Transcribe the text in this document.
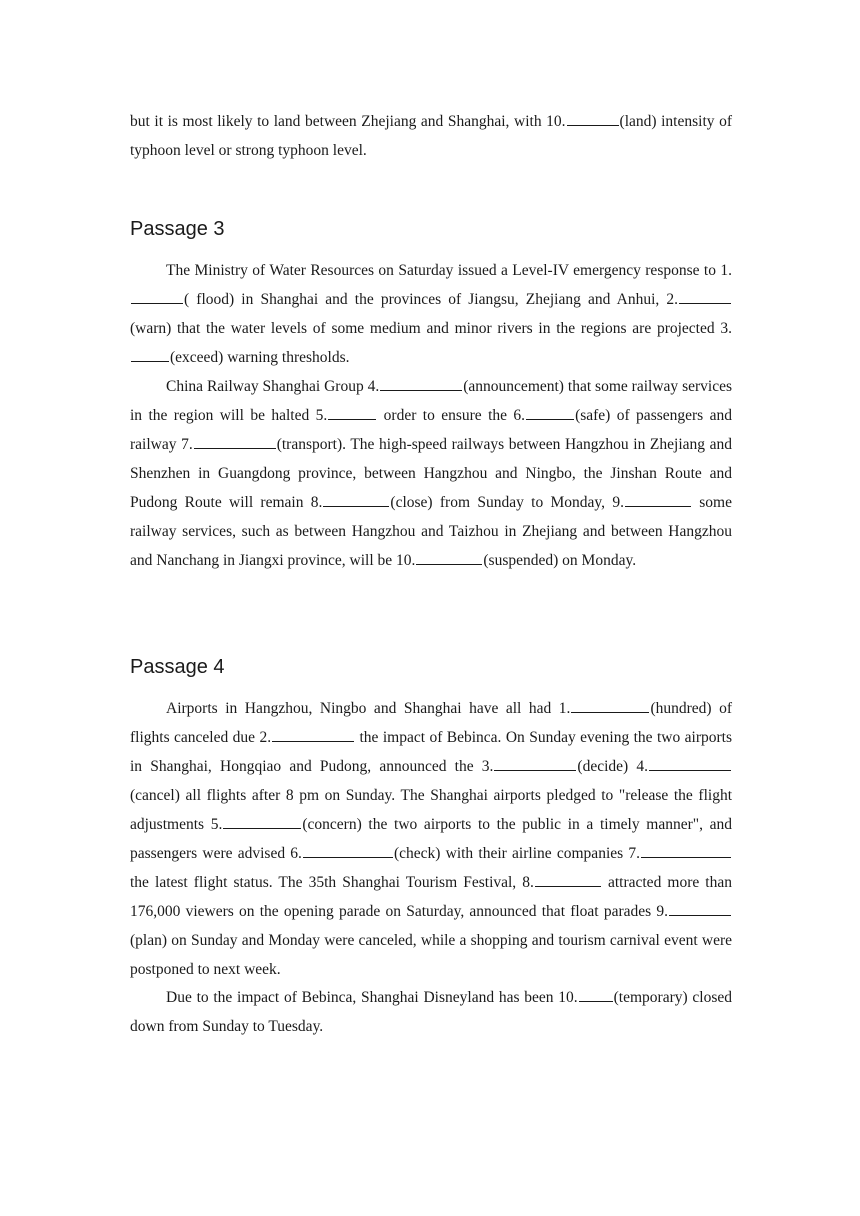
but it is most likely to land between Zhejiang and Shanghai, with 10.	(land) intensity of typhoon level or strong typhoon level.

Passage 3

The Ministry of Water Resources on Saturday issued a Level-IV emergency response to 1.( flood) in Shanghai and the provinces of Jiangsu, Zhejiang and Anhui, 2.(warn) that the water levels of some medium and minor rivers in the regions are projected 3.(exceed) warning thresholds.

China Railway Shanghai Group 4.	(announcement) that some railway services in the region will be halted 5.	order to ensure the 6.	(safe) of passengers and railway 7.	(transport). The high-speed railways between Hangzhou in Zhejiang and Shenzhen in Guangdong province, between Hangzhou and Ningbo, the Jinshan Route and Pudong Route will remain 8.	(close) from Sunday to Monday, 9.	some railway services, such as between Hangzhou and Taizhou in Zhejiang and between Hangzhou and Nanchang in Jiangxi province, will be 10.	(suspended) on Monday.

Passage 4

Airports in Hangzhou, Ningbo and Shanghai have all had 1.	(hundred) of flights canceled due 2.	the impact of Bebinca. On Sunday evening the two airports in Shanghai, Hongqiao and Pudong, announced the 3.	(decide) 4.(cancel) all flights after 8 pm on Sunday. The Shanghai airports pledged to "release the flight adjustments 5.	(concern) the two airports to the public in a timely manner", and passengers were advised 6.	(check) with their airline companies 7. the latest flight status. The 35th Shanghai Tourism Festival, 8.	attracted more than 176,000 viewers on the opening parade on Saturday, announced that float parades 9.(plan) on Sunday and Monday were canceled, while a shopping and tourism carnival event were postponed to next week.

Due to the impact of Bebinca, Shanghai Disneyland has been 10. (temporary) closed down from Sunday to Tuesday.
